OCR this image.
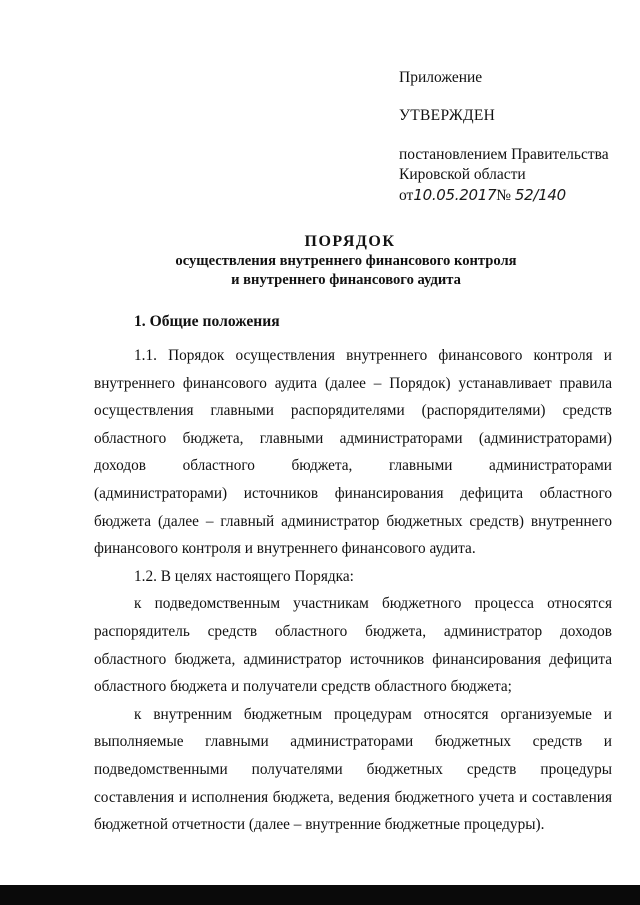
Приложение
УТВЕРЖДЕН
постановлением Правительства
Кировской области
от10.05.2017№ 52/140
ПОРЯДОК
осуществления внутреннего финансового контроля
и внутреннего финансового аудита
1. Общие положения

1.1. Порядок осуществления внутреннего финансового контроля и внутреннего финансового аудита (далее – Порядок) устанавливает правила осуществления главными распорядителями (распорядителями) средств областного бюджета, главными администраторами (администраторами) доходов областного бюджета, главными администраторами (администраторами) источников финансирования дефицита областного бюджета (далее – главный администратор бюджетных средств) внутреннего финансового контроля и внутреннего финансового аудита.

1.2. В целях настоящего Порядка:

к подведомственным участникам бюджетного процесса относятся распорядитель средств областного бюджета, администратор доходов областного бюджета, администратор источников финансирования дефицита областного бюджета и получатели средств областного бюджета;

к внутренним бюджетным процедурам относятся организуемые и выполняемые главными администраторами бюджетных средств и подведомственными получателями бюджетных средств процедуры составления и исполнения бюджета, ведения бюджетного учета и составления бюджетной отчетности (далее – внутренние бюджетные процедуры).
